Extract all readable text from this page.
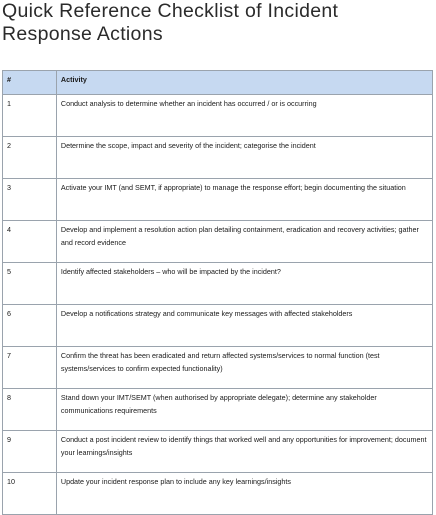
Quick Reference Checklist of Incident Response Actions
#	Activity
1	Conduct analysis to determine whether an incident has occurred / or is occurring
2	Determine the scope, impact and severity of the incident; categorise the incident
3	Activate your IMT (and SEMT, if appropriate) to manage the response effort; begin documenting the situation
4	Develop and implement a resolution action plan detailing containment, eradication and recovery activities; gather and record evidence
5	Identify affected stakeholders – who will be impacted by the incident?
6	Develop a notifications strategy and communicate key messages with affected stakeholders
7	Confirm the threat has been eradicated and return affected systems/services to normal function (test systems/services to confirm expected functionality)
8	Stand down your IMT/SEMT (when authorised by appropriate delegate); determine any stakeholder communications requirements
9	Conduct a post incident review to identify things that worked well and any opportunities for improvement; document your learnings/insights
10	Update your incident response plan to include any key learnings/insights
